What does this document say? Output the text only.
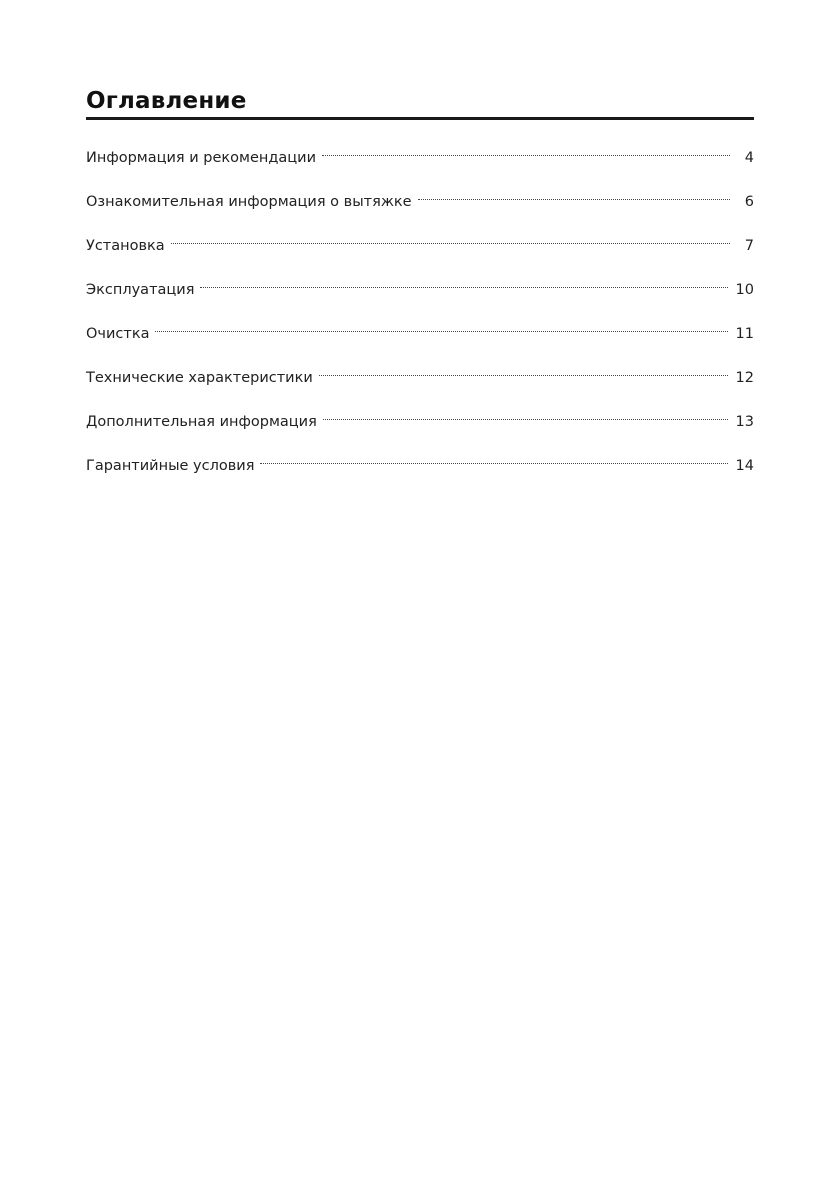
Оглавление
Информация и рекомендации	4
Ознакомительная информация о вытяжке	6
Установка	7
Эксплуатация	10
Очистка	11
Технические характеристики	12
Дополнительная информация	13
Гарантийные условия	14
